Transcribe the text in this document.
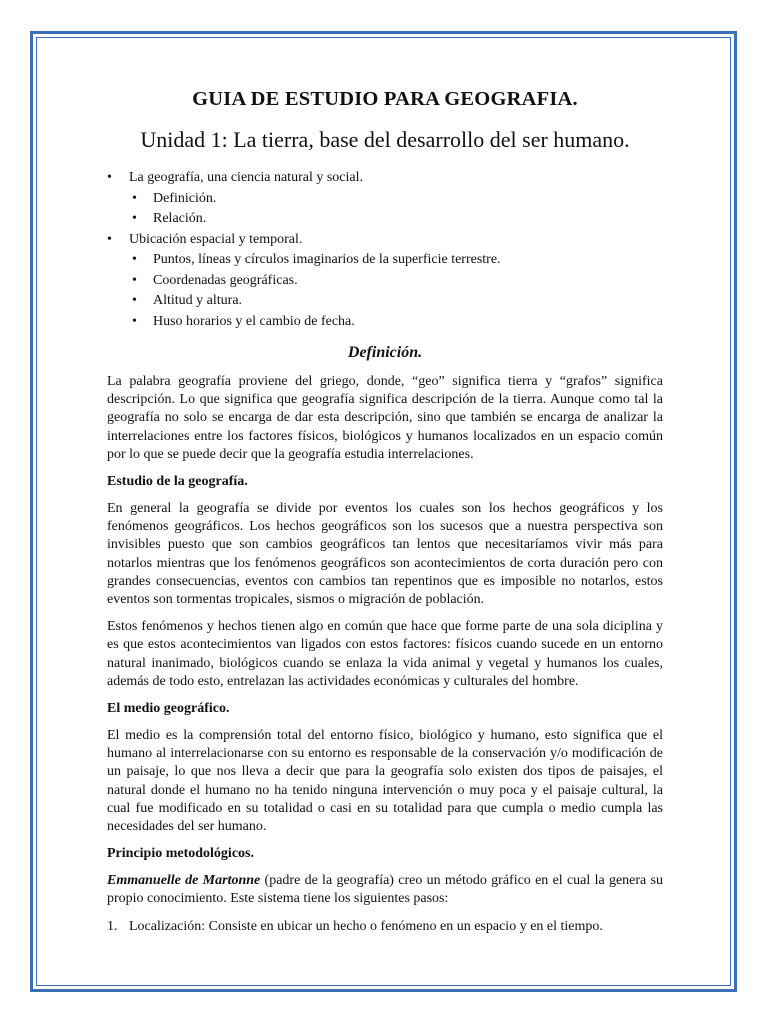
GUIA DE ESTUDIO PARA GEOGRAFIA.
Unidad 1: La tierra, base del desarrollo del ser humano.
• La geografía, una ciencia natural y social.
• Definición.
• Relación.
• Ubicación espacial y temporal.
• Puntos, líneas y círculos imaginarios de la superficie terrestre.
• Coordenadas geográficas.
• Altitud y altura.
• Huso horarios y el cambio de fecha.
Definición.

La palabra geografía proviene del griego, donde, “geo” significa tierra y “grafos” significa descripción. Lo que significa que geografía significa descripción de la tierra. Aunque como tal la geografía no solo se encarga de dar esta descripción, sino que también se encarga de analizar la interrelaciones entre los factores físicos, biológicos y humanos localizados en un espacio común por lo que se puede decir que la geografía estudia interrelaciones.

Estudio de la geografía.

En general la geografía se divide por eventos los cuales son los hechos geográficos y los fenómenos geográficos. Los hechos geográficos son los sucesos que a nuestra perspectiva son invisibles puesto que son cambios geográficos tan lentos que necesitaríamos vivir más para notarlos mientras que los fenómenos geográficos son acontecimientos de corta duración pero con grandes consecuencias, eventos con cambios tan repentinos que es imposible no notarlos, estos eventos son tormentas tropicales, sismos o migración de población.

Estos fenómenos y hechos tienen algo en común que hace que forme parte de una sola diciplina y es que estos acontecimientos van ligados con estos factores: físicos cuando sucede en un entorno natural inanimado, biológicos cuando se enlaza la vida animal y vegetal y humanos los cuales, además de todo esto, entrelazan las actividades económicas y culturales del hombre.

El medio geográfico.

El medio es la comprensión total del entorno físico, biológico y humano, esto significa que el humano al interrelacionarse con su entorno es responsable de la conservación y/o modificación de un paisaje, lo que nos lleva a decir que para la geografía solo existen dos tipos de paisajes, el natural donde el humano no ha tenido ninguna intervención o muy poca y el paisaje cultural, la cual fue modificado en su totalidad o casi en su totalidad para que cumpla o medio cumpla las necesidades del ser humano.

Principio metodológicos.

Emmanuelle de Martonne (padre de la geografía) creo un método gráfico en el cual la genera su propio conocimiento. Este sistema tiene los siguientes pasos:

1. Localización: Consiste en ubicar un hecho o fenómeno en un espacio y en el tiempo.
